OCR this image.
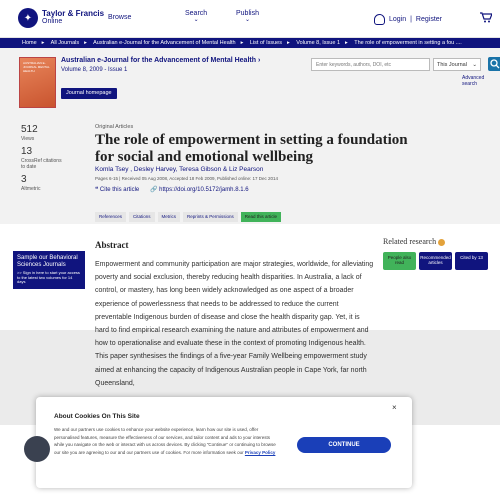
✦	Taylor & Francis
Online
Browse
Search
⌄
Publish
⌄	Login | Register
Home ▸ All Journals ▸ Australian e-Journal for the Advancement of Mental Health ▸ List of Issues ▸ Volume 8, Issue 1 ▸ The role of empowerment in setting a fou ....
AUSTRALIAN E-JOURNAL MENTAL HEALTH
Australian e-Journal for the Advancement of Mental Health ›
Volume 8, 2009 - Issue 1
Journal homepage
Enter keywords, authors, DOI, etc	This Journal ⌄
Advanced search
512
Views
13
CrossRef citations to date
3
Altmetric
Original Articles
The role of empowerment in setting a foundation for social and emotional wellbeing
Komla Tsey , Desley Harvey, Teresa Gibson & Liz Pearson
Pages 6-15 | Received 05 Aug 2008, Accepted 18 Feb 2009, Published online: 17 Dec 2014
❝ Cite this article 🔗 https://doi.org/10.5172/jamh.8.1.6
References	Citations	Metrics	Reprints & Permissions	Read this article
Sample our Behavioral Sciences Journals
>> Sign in here to start your access to the latest two volumes for 14 days
Abstract
Empowerment and community participation are major strategies, worldwide, for alleviating poverty and social exclusion, thereby reducing health disparities. In Australia, a lack of control, or mastery, has long been widely acknowledged as one aspect of a broader experience of powerlessness that needs to be addressed to reduce the current preventable Indigenous burden of disease and close the health disparity gap. Yet, it is hard to find empirical research examining the nature and attributes of empowerment and how to operationalise and evaluate these in the context of promoting Indigenous health. This paper synthesises the findings of a five-year Family Wellbeing empowerment study aimed at enhancing the capacity of Indigenous Australian people in Cape York, far north Queensland,
Related research
People also read
Recommended articles
Cited by 13
About Cookies On This Site
We and our partners use cookies to enhance your website experience, learn how our site is used, offer personalised features, measure the effectiveness of our services, and tailor content and ads to your interests while you navigate on the web or interact with us across devices. By clicking "Continue" or continuing to browse our site you are agreeing to our and our partners use of cookies. For more information seek our Privacy Policy
CONTINUE
×
